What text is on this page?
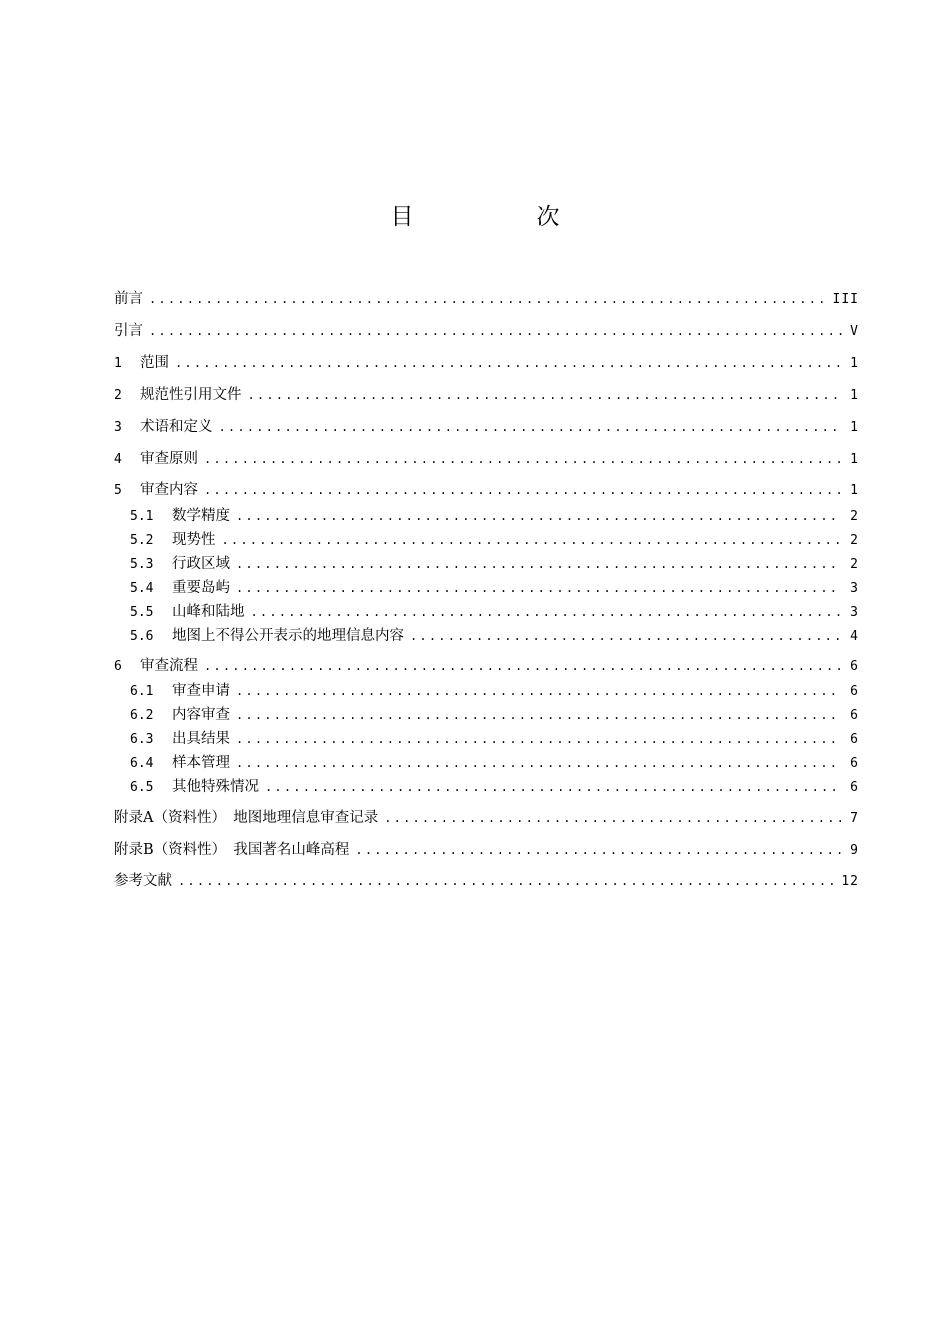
目　次
前言 .....	III
引言 .....	V
1	范围 .....	1
2	规范性引用文件 .....	1
3	术语和定义 .....	1
4	审查原则 .....	1
5	审查内容 .....	1
5.1	数学精度 .....	2
5.2	现势性 .....	2
5.3	行政区域 .....	2
5.4	重要岛屿 .....	3
5.5	山峰和陆地 .....	3
5.6	地图上不得公开表示的地理信息内容 .....	4
6	审查流程 .....	6
6.1	审查申请 .....	6
6.2	内容审查 .....	6
6.3	出具结果 .....	6
6.4	样本管理 .....	6
6.5	其他特殊情况 .....	6
附录A（资料性）　地图地理信息审查记录 .....	7
附录B（资料性）　我国著名山峰高程 .....	9
参考文献 .....	12
